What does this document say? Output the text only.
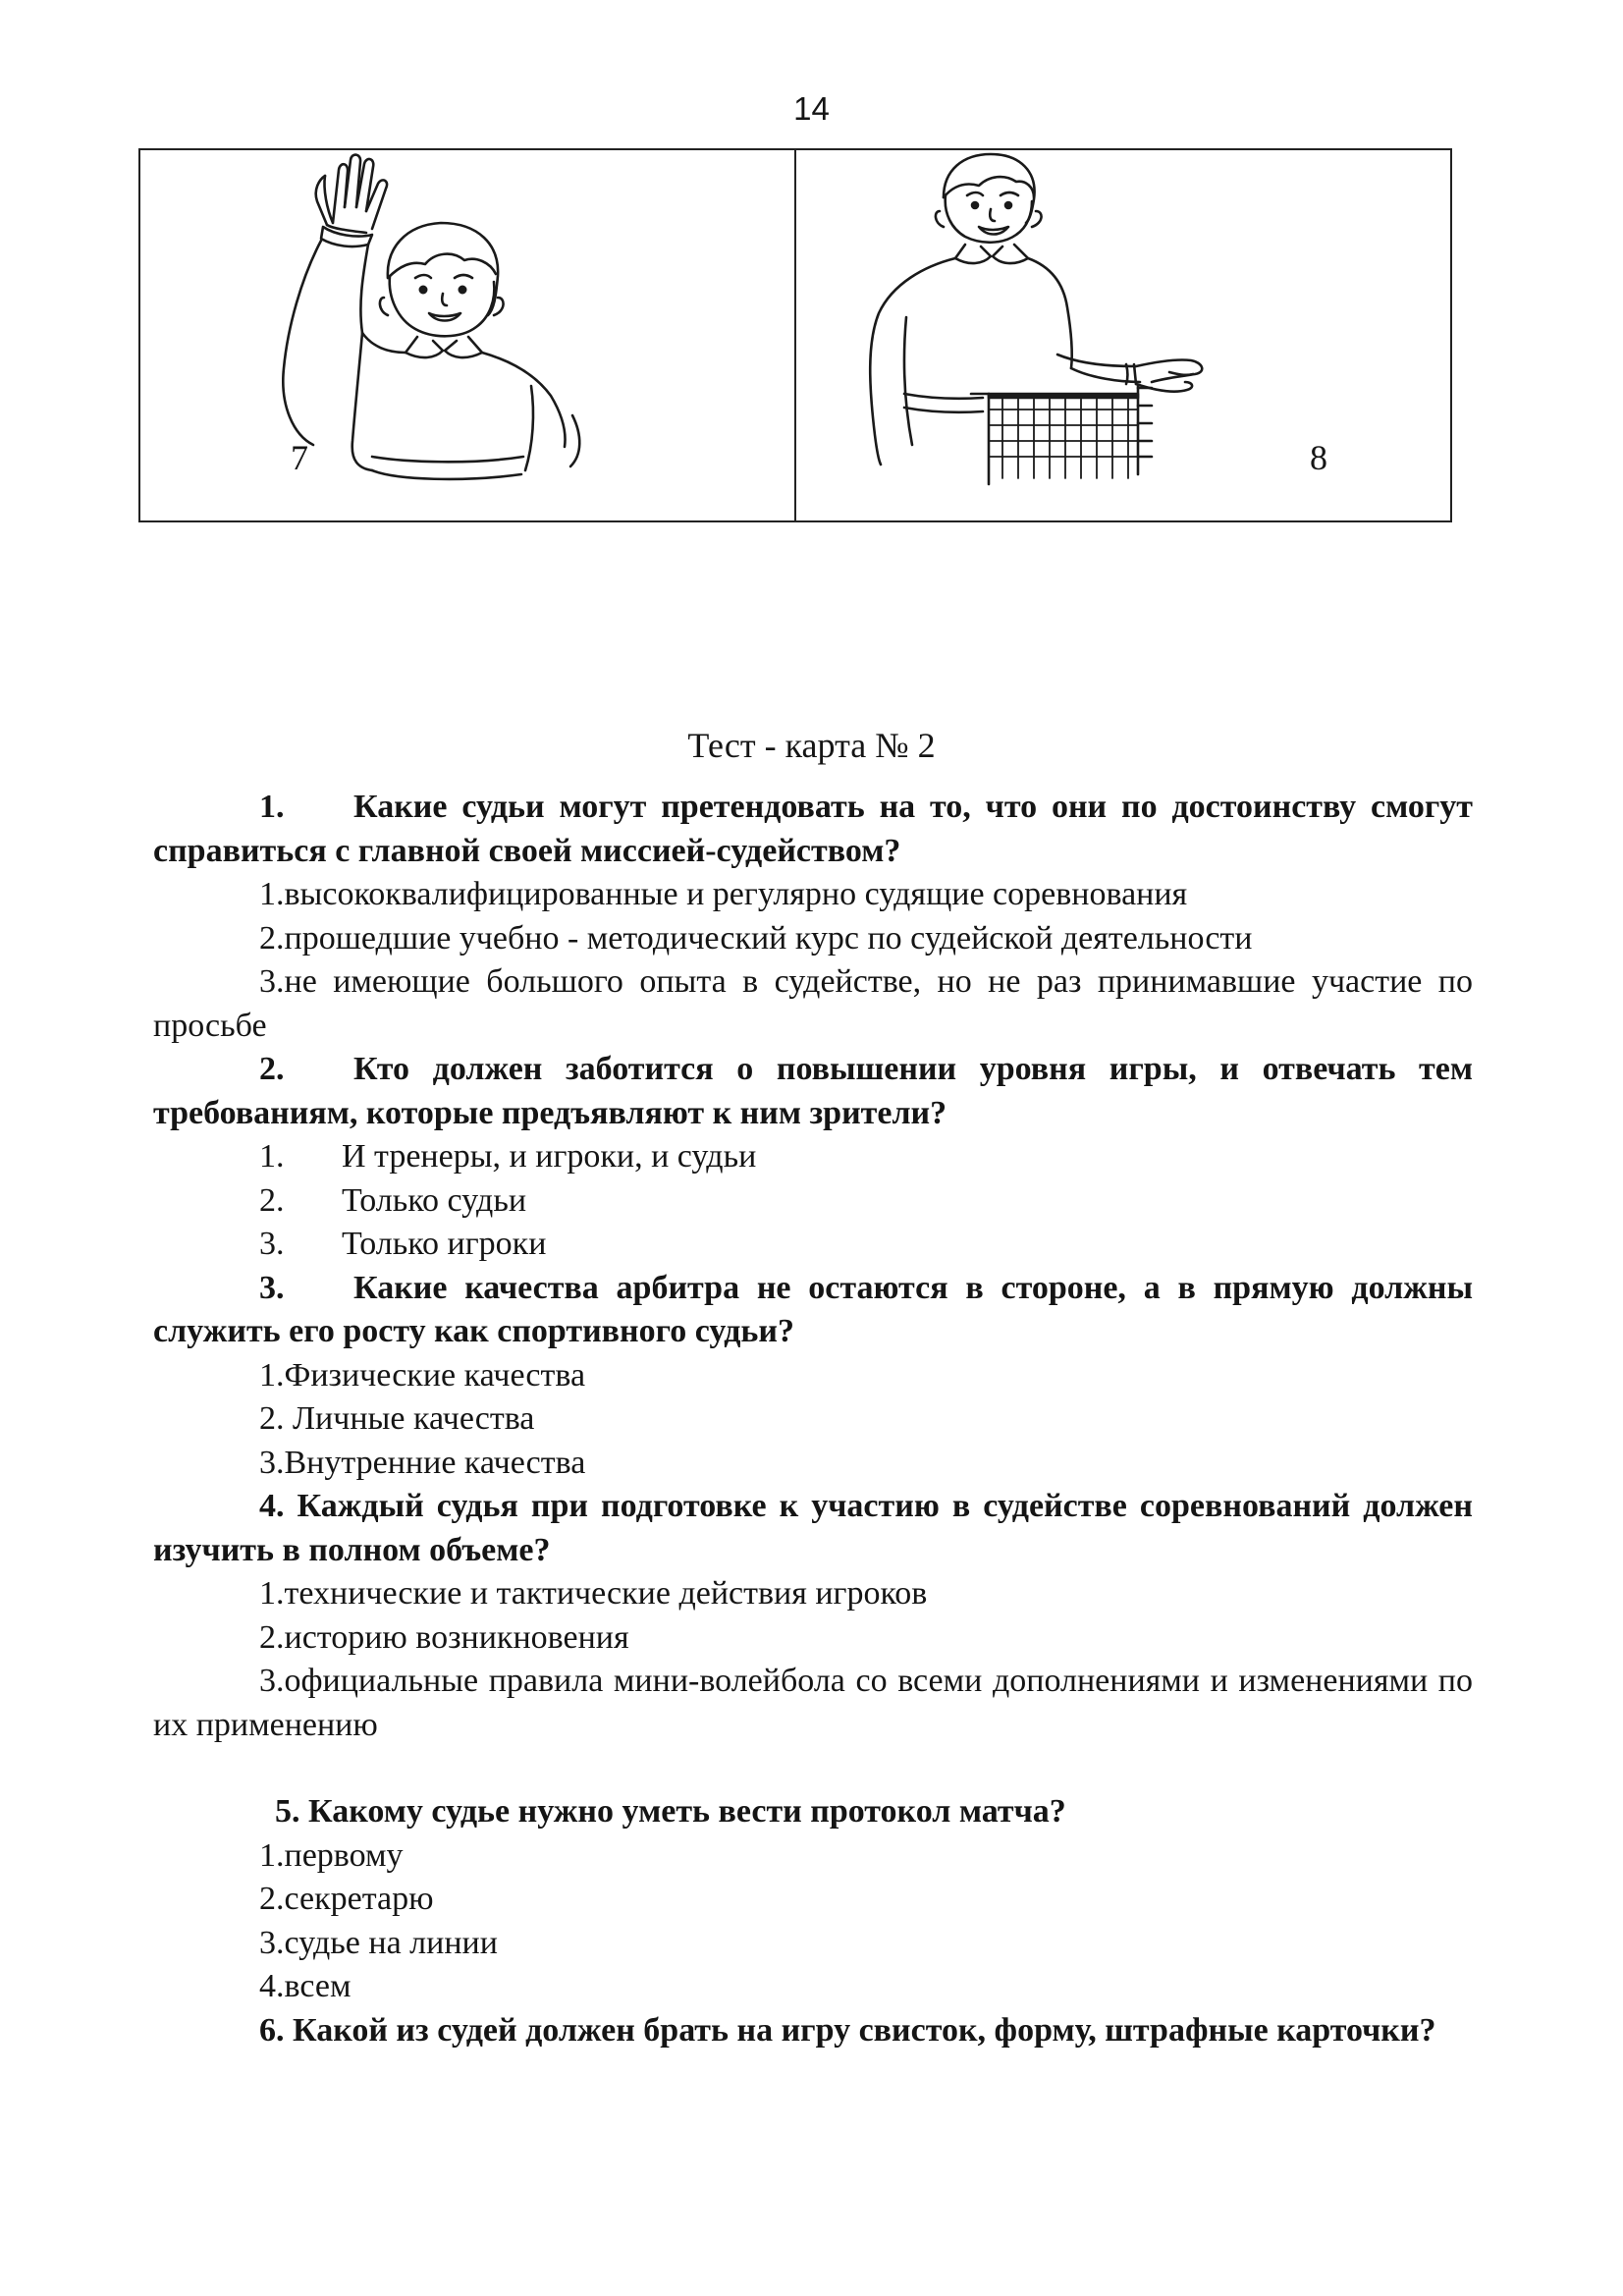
14
7	8
Тест - карта № 2
1. Какие судьи могут претендовать на то, что они по достоинству смогут справиться с главной своей миссией-судейством?
1.высококвалифицированные и регулярно судящие соревнования
2.прошедшие учебно - методический курс по судейской деятельности
3.не имеющие большого опыта в судействе, но не раз принимавшие участие по просьбе
2. Кто должен заботится о повышении уровня игры, и отвечать тем требованиям, которые предъявляют к ним зрители?
1. И тренеры, и игроки, и судьи
2. Только судьи
3. Только игроки
3. Какие качества арбитра не остаются в стороне, а в прямую должны служить его росту как спортивного судьи?
1.Физические качества
2. Личные качества
3.Внутренние качества
4. Каждый судья при подготовке к участию в судействе соревнований должен изучить в полном объеме?
1.технические и тактические действия игроков
2.историю возникновения
3.официальные правила мини-волейбола со всеми дополнениями и изменениями по их применению
5. Какому судье нужно уметь вести протокол матча?
1.первому
2.секретарю
3.судье на линии
4.всем
6. Какой из судей должен брать на игру свисток, форму, штрафные карточки?
